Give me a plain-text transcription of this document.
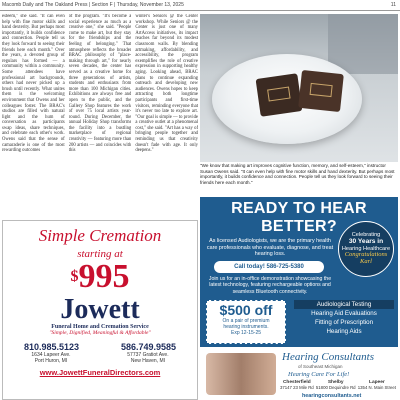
Macomb Daily and The Oakland Press | Section F | Thursday, November 13, 2025	11

esteem," she said. "It can even help with fine motor skills and hand dexterity. But perhaps most importantly, it builds confidence and connection. People tell us they look forward to seeing their friends here each month." Over the years, a devoted group of regulars has formed — a community within a community. Some attendees have professional art backgrounds, others had never picked up a brush until recently. What unites them is the welcoming environment that Owens and her colleagues foster. The BRAC's studios are filled with natural light and the hum of conversation as participants swap ideas, share techniques, and celebrate each other's work. Owens said that the sense of camaraderie is one of the most rewarding outcomes

of the program. "It's become a social experience as much as a creative one," she said. "People come to make art, but they stay for the friendships and the feeling of belonging." That atmosphere reflects the broader BRAC philosophy of "place-making through art," for nearly seven decades, the center has served as a creative home for three generations of artists, students and enthusiasts from more than 100 Michigan cities. Exhibitions are always free and open to the public, and the Gallery Shop features the work of over 75 local artists year-round. During December, the annual Holiday Shop transforms the facility into a bustling marketplace of regional creativity — featuring more than 200 artists — and coincides with this

winter's Seniors @ the Center workshop. While Seniors @ the Center is just one of many ArtAccess initiatives, its impact reaches far beyond its modest classroom walls. By blending artmaking, affordability, and accessibility, the program exemplifies the role of creative expression in supporting healthy aging. Looking ahead, BRAC plans to continue expanding outreach and developing new audiences. Owens hopes to keep attracting both longtime participants and first-time visitors, reminding everyone that it's never too late to explore art. "Our goal is simple — to provide a creative outlet at a phenomenal cost," she said. "Art has a way of bringing people together and reminding us that creativity doesn't fade with age. It only deepens."

"We know that making art improves cognitive function, memory, and self-esteem," instructor Susan Owens said. "It can even help with fine motor skills and hand dexterity. But perhaps most importantly, it builds confidence and connection. People tell us they look forward to seeing their friends here each month."
Simple Cremation
starting at
$995
Jowett
Funeral Home and Cremation Service
"Simple, Dignified, Meaningful & Affordable"
810.985.5123	586.749.9585
1634 Lapeer Ave.
Port Huron, MI
57737 Gratiot Ave.
New Haven, MI
www.JowettFuneralDirectors.com
READY TO HEAR BETTER?
As licensed Audiologists, we are the primary health care professionals who evaluate, diagnose, and treat hearing loss.
Call today! 586-725-5380
Join us for an in-office demonstration showcasing the latest technology, featuring rechargeable options and seamless Bluetooth connectivity.
Celebrating

30 Years in
Hearing Healthcare
Congratulations
Karl
$500 off
On a pair of premium
hearing instruments.
Exp 12-15-25
Audiological Testing
Hearing Aid Evaluations
Fitting of Prescription
Hearing Aids
Hearing Consultants
of Southeast Michigan
Hearing Care For Life!
Chesterfield
37147 23 Mile Rd
Shelby
51800 Dequindre Rd
Lapeer
1354 N. Main Street
hearingconsultants.net
